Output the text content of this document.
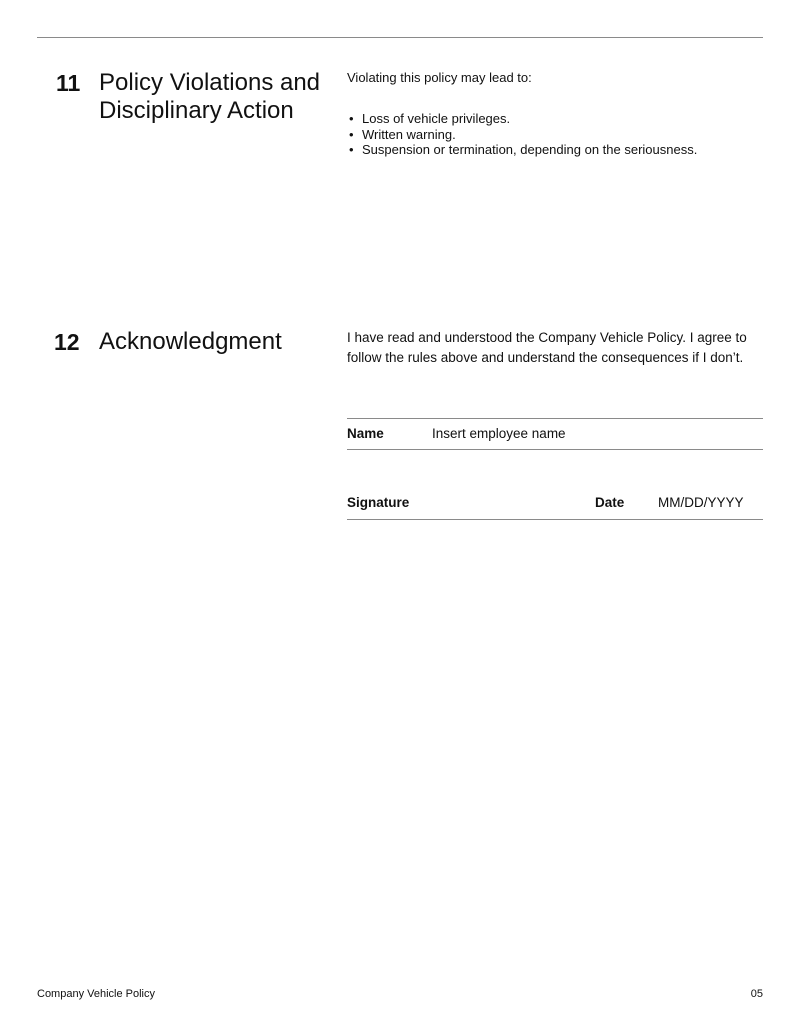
11 Policy Violations and
Disciplinary Action
Violating this policy may lead to:
• Loss of vehicle privileges.
• Written warning.
• Suspension or termination, depending on the seriousness.
12 Acknowledgment	I have read and understood the Company Vehicle Policy. I agree to follow the rules above and understand the consequences if I don’t.
Name	Insert employee name
Signature	Date MM/DD/YYYY
Company Vehicle Policy	05
